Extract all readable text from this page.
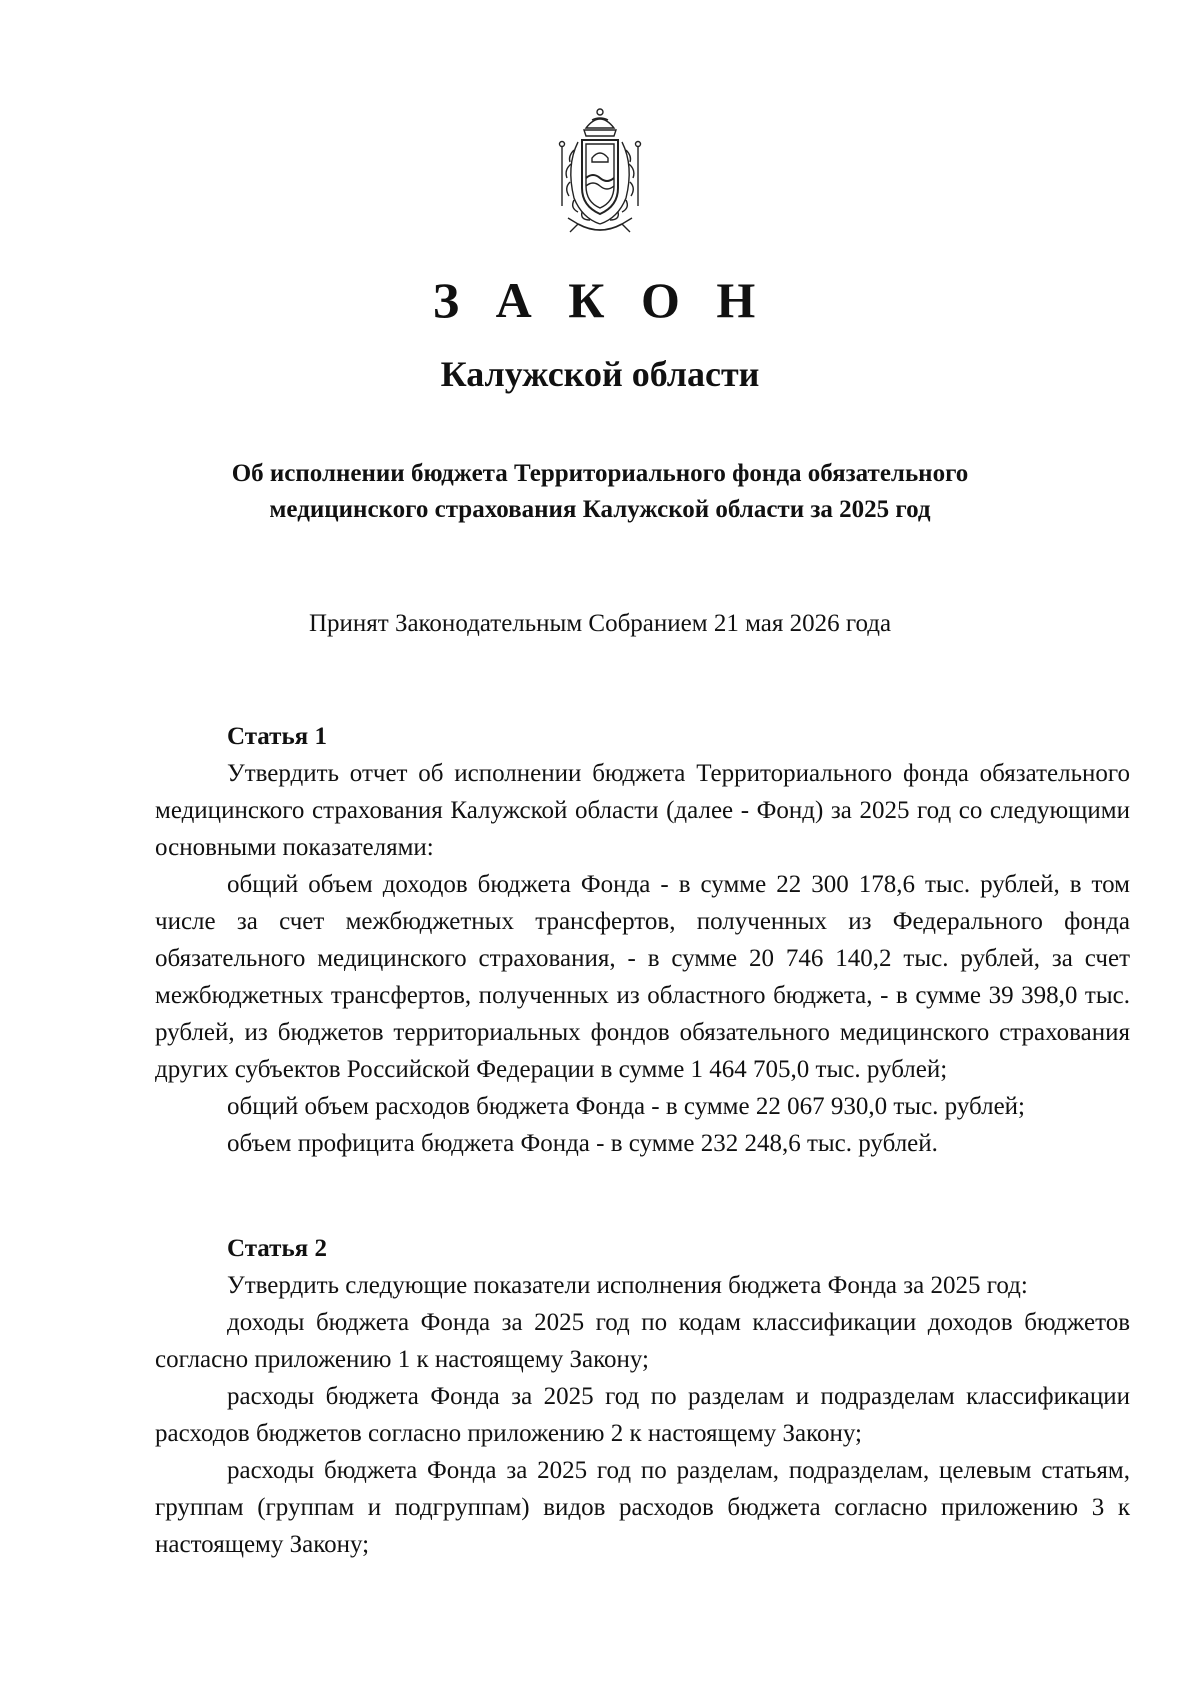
З А К О Н
Калужской области
Об исполнении бюджета Территориального фонда обязательного медицинского страхования Калужской области за 2025 год
Принят Законодательным Собранием 21 мая 2026 года

Статья 1

Утвердить отчет об исполнении бюджета Территориального фонда обязательного медицинского страхования Калужской области (далее - Фонд) за 2025 год со следующими основными показателями:

общий объем доходов бюджета Фонда - в сумме 22 300 178,6 тыс. рублей, в том числе за счет межбюджетных трансфертов, полученных из Федерального фонда обязательного медицинского страхования, - в сумме 20 746 140,2 тыс. рублей, за счет межбюджетных трансфертов, полученных из областного бюджета, - в сумме 39 398,0 тыс. рублей, из бюджетов территориальных фондов обязательного медицинского страхования других субъектов Российской Федерации в сумме 1 464 705,0 тыс. рублей;

общий объем расходов бюджета Фонда - в сумме 22 067 930,0 тыс. рублей;

объем профицита бюджета Фонда - в сумме 232 248,6 тыс. рублей.

Статья 2

Утвердить следующие показатели исполнения бюджета Фонда за 2025 год:

доходы бюджета Фонда за 2025 год по кодам классификации доходов бюджетов согласно приложению 1 к настоящему Закону;

расходы бюджета Фонда за 2025 год по разделам и подразделам классификации расходов бюджетов согласно приложению 2 к настоящему Закону;

расходы бюджета Фонда за 2025 год по разделам, подразделам, целевым статьям, группам (группам и подгруппам) видов расходов бюджета согласно приложению 3 к настоящему Закону;
